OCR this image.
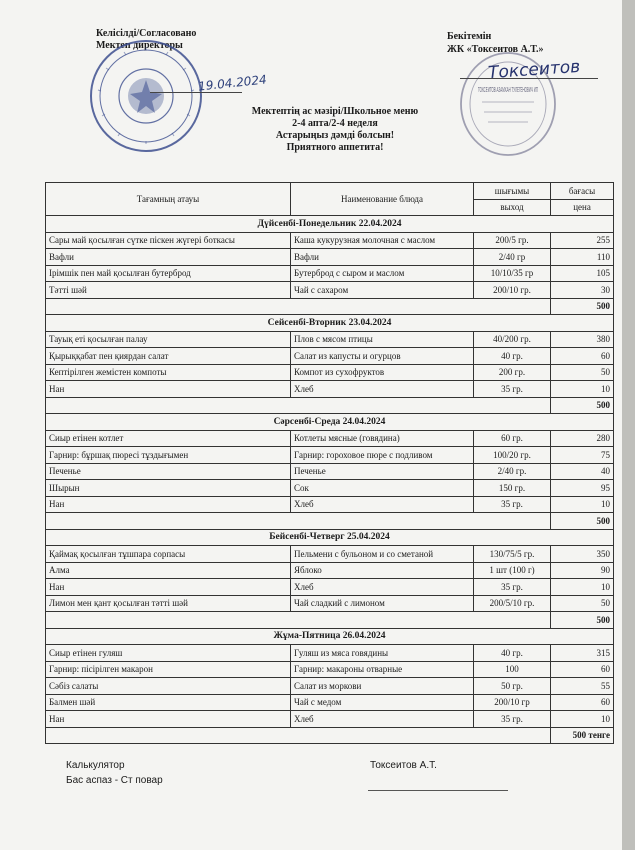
Келісілді/Согласовано
Мектеп директоры
19.04.2024
Бекітемін
ЖК «Токсеитов А.Т.»
ТОКСЕИТОВ АЗАМХАН ТУЛЕГЕНОВИЧ ИП
Токсеитов
Мектептің ас мәзірі/Школьное меню
2-4 апта/2-4 неделя
Астарыңыз дәмді болсын!
Приятного аппетита!
Тағамның атауы	Наименование блюда	шығымы	бағасы
		выход	цена
Дүйсенбі-Понедельник 22.04.2024			
Сары май қосылған сүтке піскен жүгері боткасы	Каша кукурузная молочная с маслом	200/5 гр.	255
Вафли	Вафли	2/40 гр	110
Ірімшік пен май қосылған бутерброд	Бутерброд с сыром и маслом	10/10/35 гр	105
Тәтті шәй	Чай с сахаром	200/10 гр.	30
			500
Сейсенбі-Вторник 23.04.2024			
Тауық еті қосылған палау	Плов с мясом птицы	40/200 гр.	380
Қырыққабат пен қиярдан салат	Салат из капусты и огурцов	40 гр.	60
Кептірілген жемістен компоты	Компот из сухофруктов	200 гр.	50
Нан	Хлеб	35 гр.	10
			500
Сәрсенбі-Среда 24.04.2024			
Сиыр етінен котлет	Котлеты мясные (говядина)	60 гр.	280
Гарнир: бұршақ пюресі тұздығымен	Гарнир: гороховое пюре с подливом	100/20 гр.	75
Печенье	Печенье	2/40 гр.	40
Шырын	Сок	150 гр.	95
Нан	Хлеб	35 гр.	10
			500
Бейсенбі-Четверг 25.04.2024			
Қаймақ қосылған тұшпара сорпасы	Пельмени с бульоном и со сметаной	130/75/5 гр.	350
Алма	Яблоко	1 шт (100 г)	90
Нан	Хлеб	35 гр.	10
Лимон мен қант қосылған тәтті шәй	Чай сладкий с лимоном	200/5/10 гр.	50
			500
Жұма-Пятница 26.04.2024			
Сиыр етінен гуляш	Гуляш из мяса говядины	40 гр.	315
Гарнир: пісірілген макарон	Гарнир: макароны отварные	100	60
Сәбіз салаты	Салат из моркови	50 гр.	55
Балмен шәй	Чай с медом	200/10 гр	60
Нан	Хлеб	35 гр.	10
			500 тенге
Калькулятор
Бас аспаз - Ст повар
Токсеитов А.Т.
